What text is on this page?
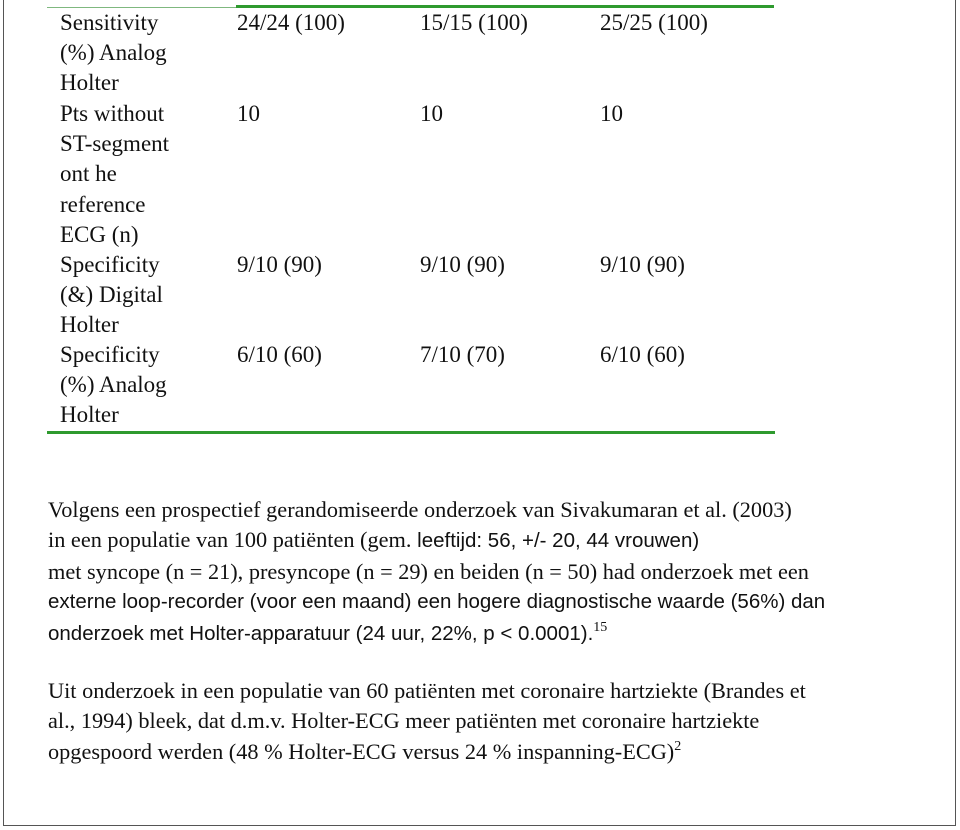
Sensitivity
(%) Analog
Holter
24/24 (100)	15/15 (100)	25/25 (100)
Pts without
ST-segment
ont he
reference
ECG (n)
10	10	10
Specificity
(&) Digital
Holter
9/10 (90)	9/10 (90)	9/10 (90)
Specificity
(%) Analog
Holter
6/10 (60)	7/10 (70)	6/10 (60)
Volgens een prospectief gerandomiseerde onderzoek van Sivakumaran et al. (2003)
in een populatie van 100 patiënten (gem. leeftijd: 56, +/- 20, 44 vrouwen)
met syncope (n = 21), presyncope (n = 29) en beiden (n = 50) had onderzoek met een
externe loop-recorder (voor een maand) een hogere diagnostische waarde (56%) dan
onderzoek met Holter-apparatuur (24 uur, 22%, p < 0.0001).$^{15}$
Uit onderzoek in een populatie van 60 patiënten met coronaire hartziekte (Brandes et
al., 1994) bleek, dat d.m.v. Holter-ECG meer patiënten met coronaire hartziekte
opgespoord werden (48 % Holter-ECG versus 24 % inspanning-ECG)$^2$
